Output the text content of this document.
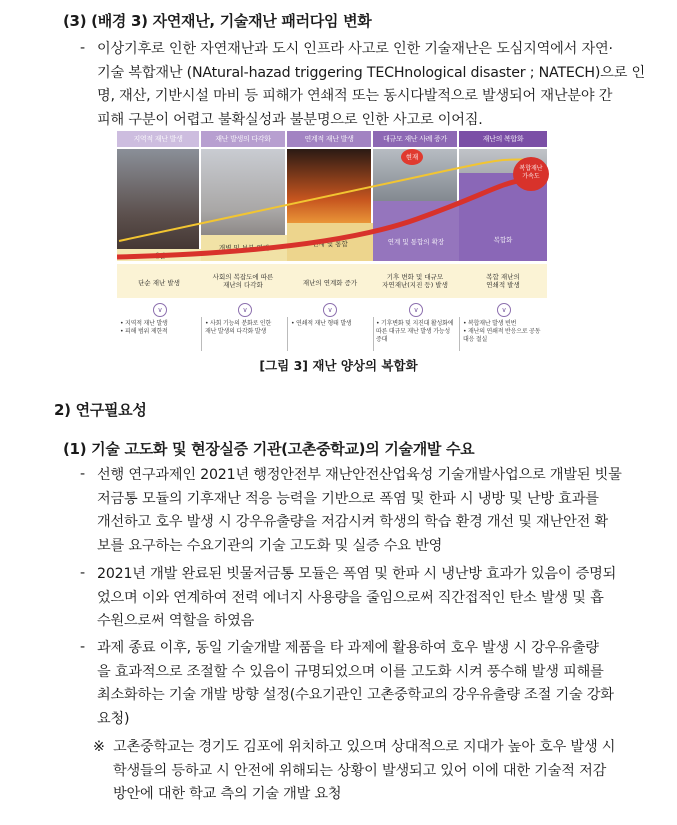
(3) (배경 3) 자연재난, 기술재난 패러다임 변화
- 이상기후로 인한 자연재난과 도시 인프라 사고로 인한 기술재난은 도심지역에서 자연·
기술 복합재난 (NAtural-hazad triggering TECHnological disaster ; NATECH)으로 인
명, 재산, 기반시설 마비 등 피해가 연쇄적 또는 동시다발적으로 발생되어 재난분야 간
피해 구분이 어렵고 불확실성과 불분명으로 인한 사고로 이어짐.
지역적 재난 발생	재난 발생의 다각화	연계적 재난 발생	대규모 재난 사례 증가	재난의 복합화
개별
개별 및 부분 연계	연계 및 통합	연계 및 통합의 확장	복합화
현재
복합재난
가속도
단순 재난 발생
사회의 복잡도에 따른
재난의 다각화	재난의 연계화 증가
기후 변화 및 대규모
자연재난(지진 등) 발생
복합 재난의
연쇄적 발생
∨	∨	∨	∨	∨
• 지역적 재난 발생
• 피해 범위 제한적
• 사회 기능의 분화로 인한
재난 발생의 다각화 발생
• 연쇄적 재난 형태 발생	• 기후변화 및 지진대 활성화에
따른 대규모 재난 발생 가능성
증대
• 복합재난 발생 빈번
• 재난의 연쇄적 반응으로 공동
대응 절실
[그림 3] 재난 양상의 복합화
2) 연구필요성
(1) 기술 고도화 및 현장실증 기관(고촌중학교)의 기술개발 수요
- 선행 연구과제인 2021년 행정안전부 재난안전산업육성 기술개발사업으로 개발된 빗물
저금통 모듈의 기후재난 적응 능력을 기반으로 폭염 및 한파 시 냉방 및 난방 효과를
개선하고 호우 발생 시 강우유출량을 저감시켜 학생의 학습 환경 개선 및 재난안전 확
보를 요구하는 수요기관의 기술 고도화 및 실증 수요 반영
- 2021년 개발 완료된 빗물저금통 모듈은 폭염 및 한파 시 냉난방 효과가 있음이 증명되
었으며 이와 연계하여 전력 에너지 사용량을 줄임으로써 직간접적인 탄소 발생 및 흡
수원으로써 역할을 하였음
- 과제 종료 이후, 동일 기술개발 제품을 타 과제에 활용하여 호우 발생 시 강우유출량
을 효과적으로 조절할 수 있음이 규명되었으며 이를 고도화 시켜 풍수해 발생 피해를
최소화하는 기술 개발 방향 설정(수요기관인 고촌중학교의 강우유출량 조절 기술 강화
요청)
※ 고촌중학교는 경기도 김포에 위치하고 있으며 상대적으로 지대가 높아 호우 발생 시
학생들의 등하교 시 안전에 위해되는 상황이 발생되고 있어 이에 대한 기술적 저감
방안에 대한 학교 측의 기술 개발 요청
